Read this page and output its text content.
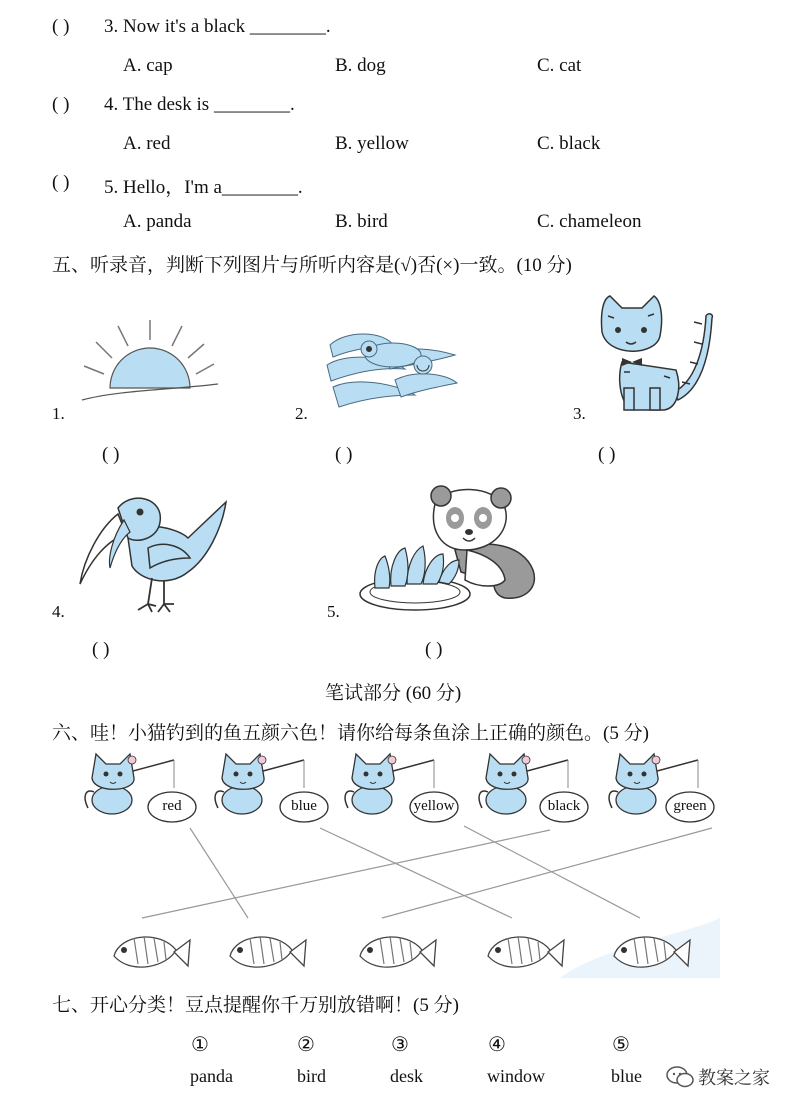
( ) 3. Now it's a black ________.
A. cap	B. dog	C. cat
( ) 4. The desk is ________.
A. red	B. yellow	C. black
( ) 5. Hello，I'm a________.
A. panda	B. bird	C. chameleon
五、听录音，判断下列图片与所听内容是(√)否(×)一致。(10 分)
1.
( )
2.
( )
3.
( )
4.
( )
5.
( )
笔试部分 (60 分)
六、哇！小猫钓到的鱼五颜六色！请你给每条鱼涂上正确的颜色。(5 分)
red	blue	yellow	black	green
七、开心分类！豆点提醒你千万别放错啊！(5 分)
①	②	③	④	⑤
panda	bird	desk	window	blue	教案之家
